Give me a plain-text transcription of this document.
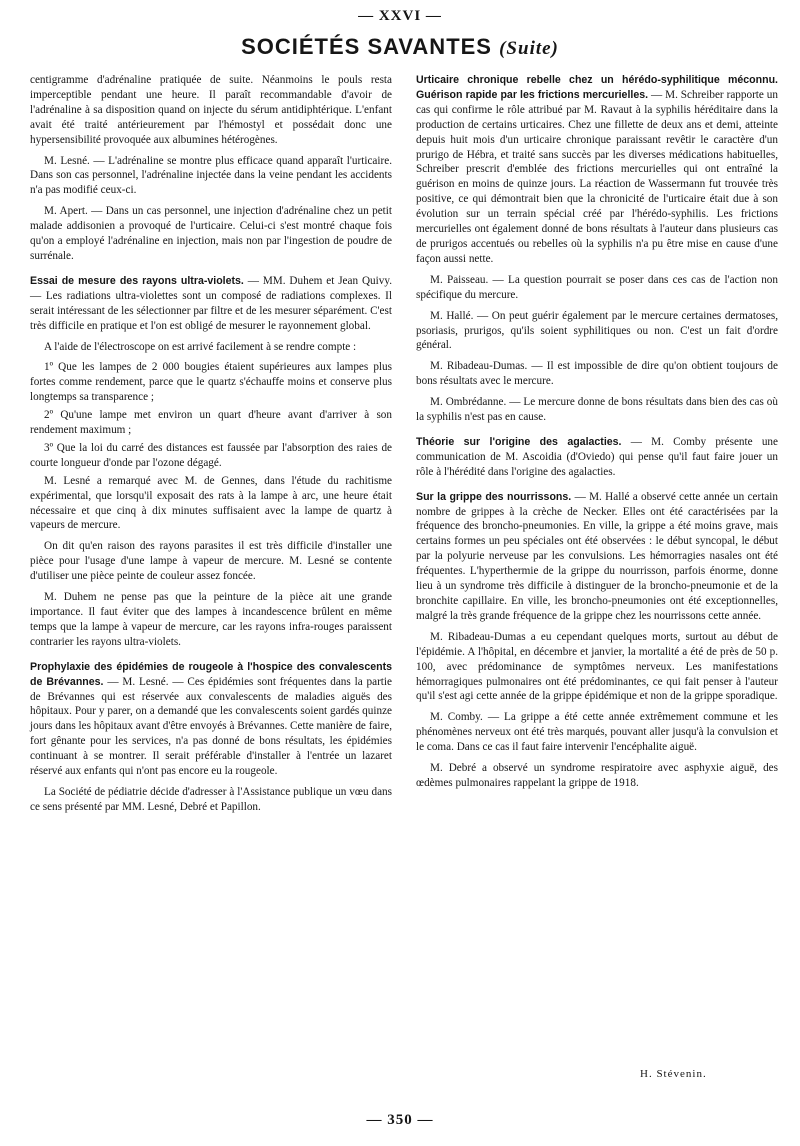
— XXVI —
SOCIÉTÉS SAVANTES (Suite)

centigramme d'adrénaline pratiquée de suite. Néanmoins le pouls resta imperceptible pendant une heure. Il paraît recommandable d'avoir de l'adrénaline à sa disposition quand on injecte du sérum antidiphtérique. L'enfant avait été traité antérieurement par l'hémostyl et possédait donc une hypersensibilité provoquée aux albumines hétérogènes.

M. Lesné. — L'adrénaline se montre plus efficace quand apparaît l'urticaire. Dans son cas personnel, l'adrénaline injectée dans la veine pendant les accidents n'a pas modifié ceux-ci.

M. Apert. — Dans un cas personnel, une injection d'adrénaline chez un petit malade addisonien a provoqué de l'urticaire. Celui-ci s'est montré chaque fois qu'on a employé l'adrénaline en injection, mais non par l'ingestion de poudre de surrénale.

Essai de mesure des rayons ultra-violets. — MM. Duhem et Jean Quivy. — Les radiations ultra-violettes sont un composé de radiations complexes. Il serait intéressant de les sélectionner par filtre et de les mesurer séparément. C'est très difficile en pratique et l'on est obligé de mesurer le rayonnement global.

A l'aide de l'électroscope on est arrivé facilement à se rendre compte :

1º Que les lampes de 2 000 bougies étaient supérieures aux lampes plus fortes comme rendement, parce que le quartz s'échauffe moins et conserve plus longtemps sa transparence ;

2º Qu'une lampe met environ un quart d'heure avant d'arriver à son rendement maximum ;

3º Que la loi du carré des distances est faussée par l'absorption des raies de courte longueur d'onde par l'ozone dégagé.

M. Lesné a remarqué avec M. de Gennes, dans l'étude du rachitisme expérimental, que lorsqu'il exposait des rats à la lampe à arc, une heure était nécessaire et que cinq à dix minutes suffisaient avec la lampe de quartz à vapeurs de mercure.

On dit qu'en raison des rayons parasites il est très difficile d'installer une pièce pour l'usage d'une lampe à vapeur de mercure. M. Lesné se contente d'utiliser une pièce peinte de couleur assez foncée.

M. Duhem ne pense pas que la peinture de la pièce ait une grande importance. Il faut éviter que des lampes à incandescence brûlent en même temps que la lampe à vapeur de mercure, car les rayons infra-rouges paraissent contrarier les rayons ultra-violets.

Prophylaxie des épidémies de rougeole à l'hospice des convalescents de Brévannes. — M. Lesné. — Ces épidémies sont fréquentes dans la partie de Brévannes qui est réservée aux convalescents de maladies aiguës des hôpitaux. Pour y parer, on a demandé que les convalescents soient gardés quinze jours dans les hôpitaux avant d'être envoyés à Brévannes. Cette manière de faire, fort gênante pour les services, n'a pas donné de bons résultats, les épidémies continuant à se montrer. Il serait préférable d'installer à l'entrée un lazaret réservé aux enfants qui n'ont pas encore eu la rougeole.

La Société de pédiatrie décide d'adresser à l'Assistance publique un vœu dans ce sens présenté par MM. Lesné, Debré et Papillon.

Urticaire chronique rebelle chez un hérédo-syphilitique méconnu. Guérison rapide par les frictions mercurielles. — M. Schreiber rapporte un cas qui confirme le rôle attribué par M. Ravaut à la syphilis héréditaire dans la production de certains urticaires. Chez une fillette de deux ans et demi, atteinte depuis huit mois d'un urticaire chronique paraissant revêtir le caractère d'un prurigo de Hébra, et traité sans succès par les diverses médications habituelles, Schreiber prescrit d'emblée des frictions mercurielles qui ont entraîné la guérison en moins de quinze jours. La réaction de Wassermann fut trouvée très positive, ce qui démontrait bien que la chronicité de l'urticaire était due à son évolution sur un terrain spécial créé par l'hérédo-syphilis. Les frictions mercurielles ont également donné de bons résultats à l'auteur dans plusieurs cas de prurigos accentués ou rebelles où la syphilis n'a pu être mise en cause d'une façon aussi nette.

M. Paisseau. — La question pourrait se poser dans ces cas de l'action non spécifique du mercure.

M. Hallé. — On peut guérir également par le mercure certaines dermatoses, psoriasis, prurigos, qu'ils soient syphilitiques ou non. C'est un fait d'ordre général.

M. Ribadeau-Dumas. — Il est impossible de dire qu'on obtient toujours de bons résultats avec le mercure.

M. Ombrédanne. — Le mercure donne de bons résultats dans bien des cas où la syphilis n'est pas en cause.

Théorie sur l'origine des agalacties. — M. Comby présente une communication de M. Ascoidia (d'Oviedo) qui pense qu'il faut faire jouer un rôle à l'hérédité dans l'origine des agalacties.

Sur la grippe des nourrissons. — M. Hallé a observé cette année un certain nombre de grippes à la crèche de Necker. Elles ont été caractérisées par la fréquence des broncho-pneumonies. En ville, la grippe a été moins grave, mais certains formes un peu spéciales ont été observées : le début syncopal, le début par la polyurie nerveuse par les convulsions. Les hémorragies nasales ont été fréquentes. L'hyperthermie de la grippe du nourrisson, parfois énorme, donne lieu à un syndrome très difficile à distinguer de la broncho-pneumonie et de la bronchite capillaire. En ville, les broncho-pneumonies ont été exceptionnelles, malgré la très grande fréquence de la grippe chez les nourrissons cette année.

M. Ribadeau-Dumas a eu cependant quelques morts, surtout au début de l'épidémie. A l'hôpital, en décembre et janvier, la mortalité a été de près de 50 p. 100, avec prédominance de symptômes nerveux. Les manifestations hémorragiques pulmonaires ont été prédominantes, ce qui fait penser à l'auteur qu'il s'est agi cette année de la grippe épidémique et non de la grippe sporadique.

M. Comby. — La grippe a été cette année extrêmement commune et les phénomènes nerveux ont été très marqués, pouvant aller jusqu'à la convulsion et le coma. Dans ce cas il faut faire intervenir l'encéphalite aiguë.

M. Debré a observé un syndrome respiratoire avec asphyxie aiguë, des œdèmes pulmonaires rappelant la grippe de 1918.

H. Stévenin.
— 350 —
